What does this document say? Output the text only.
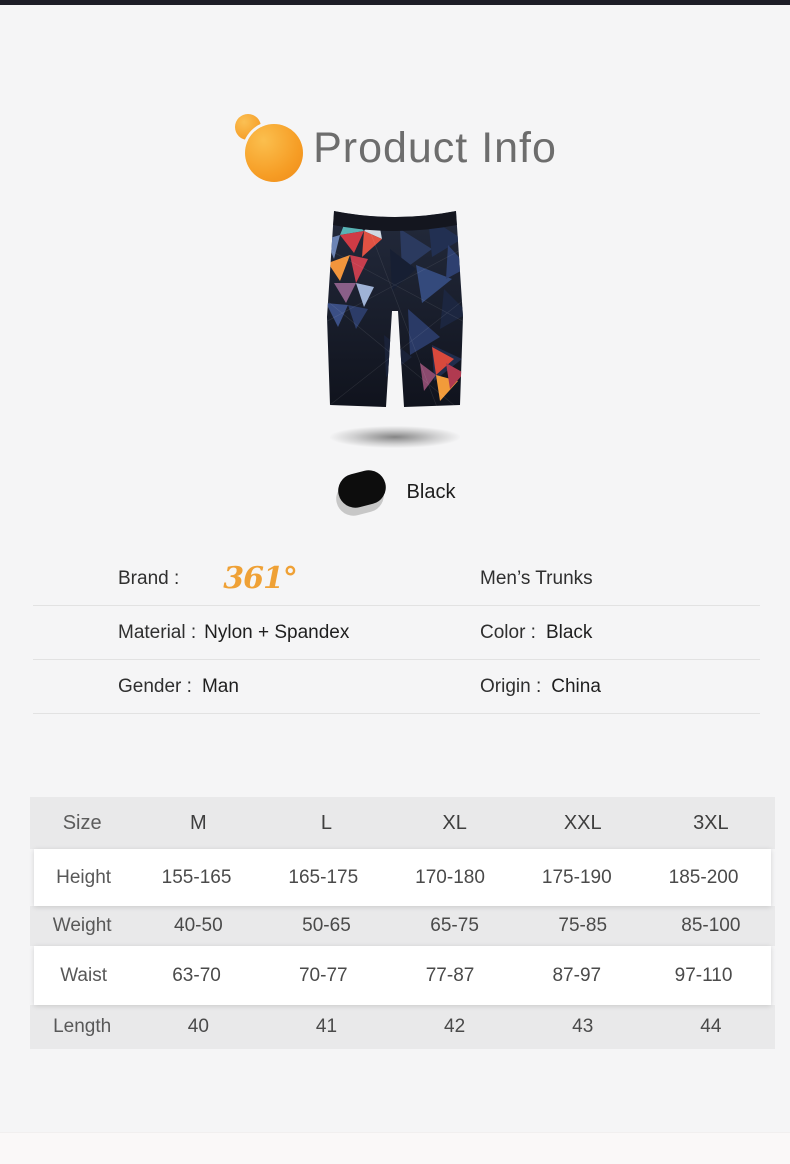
Product Info
Black
Brand : 361°	Men’s Trunks
Material : Nylon + Spandex	Color : Black
Gender : Man	Origin : China
Size	M	L	XL	XXL	3XL
Height	155-165	165-175	170-180	175-190	185-200
Weight	40-50	50-65	65-75	75-85	85-100
Waist	63-70	70-77	77-87	87-97	97-110
Length	40	41	42	43	44
